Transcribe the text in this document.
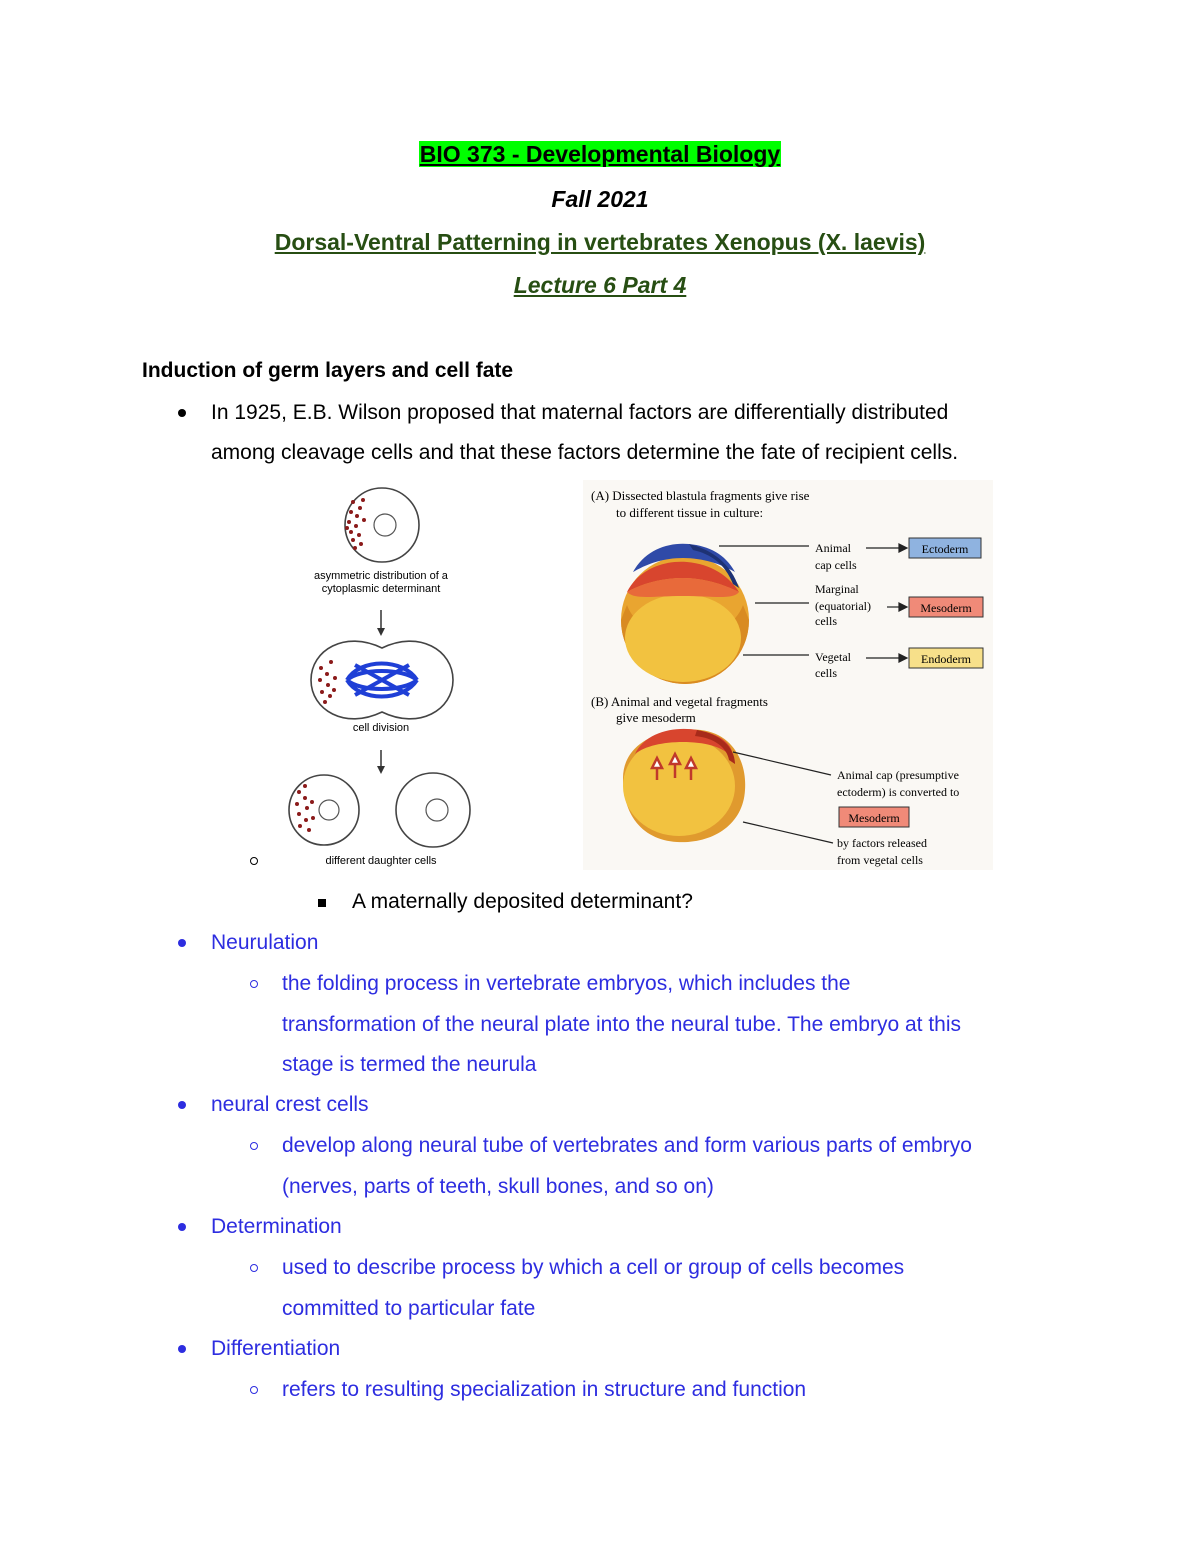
BIO 373 - Developmental Biology
Fall 2021
Dorsal-Ventral Patterning in vertebrates Xenopus (X. laevis)
Lecture 6 Part 4
Induction of germ layers and cell fate
In 1925, E.B. Wilson proposed that maternal factors are differentially distributed
among cleavage cells and that these factors determine the fate of recipient cells.
asymmetric distribution of a
cytoplasmic determinant
cell division
different daughter cells
(A) Dissected blastula fragments give rise
to different tissue in culture:
Animal
cap cells
Marginal
(equatorial)
cells
Vegetal
cells
Ectoderm
Mesoderm
Endoderm
(B) Animal and vegetal fragments
give mesoderm
Animal cap (presumptive
ectoderm) is converted to
Mesoderm
by factors released
from vegetal cells
A maternally deposited determinant?
Neurulation
the folding process in vertebrate embryos, which includes the
transformation of the neural plate into the neural tube. The embryo at this
stage is termed the neurula
neural crest cells
develop along neural tube of vertebrates and form various parts of embryo
(nerves, parts of teeth, skull bones, and so on)
Determination
used to describe process by which a cell or group of cells becomes
committed to particular fate
Differentiation
refers to resulting specialization in structure and function
